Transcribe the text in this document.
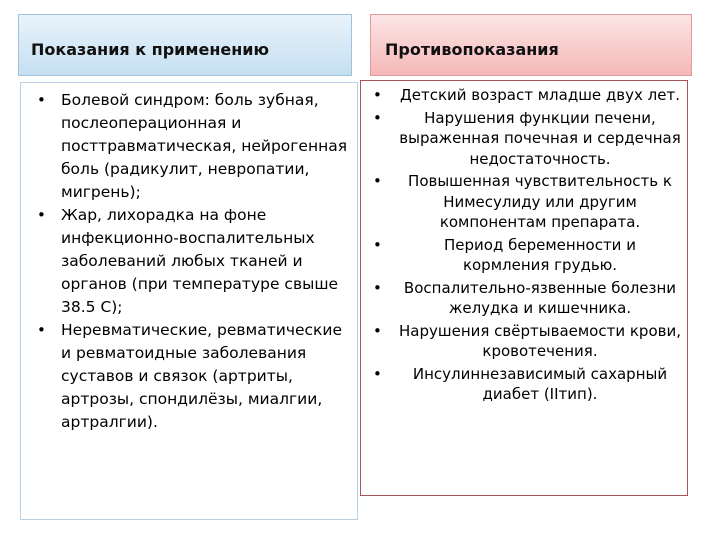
Показания к применению	Противопоказания
• Болевой синдром: боль зубная, послеоперационная и посттравматическая, нейрогенная боль (радикулит, невропатии, мигрень);
• Жар, лихорадка на фоне инфекционно-воспалительных заболеваний любых тканей и органов (при температуре свыше 38.5 С);
• Неревматические, ревматические и ревматоидные заболевания суставов и связок (артриты, артрозы, спондилёзы, миалгии, артралгии).
• Детский возраст младше двух лет.
•	Нарушения функции печени, выраженная почечная и сердечная недостаточность.
• Повышенная чувствительность к Нимесулиду или другим компонентам препарата.
•	Период беременности и кормления грудью.
• Воспалительно-язвенные болезни желудка и кишечника.
• Нарушения свёртываемости крови, кровотечения.
• Инсулиннезависимый сахарный диабет (IIтип).
